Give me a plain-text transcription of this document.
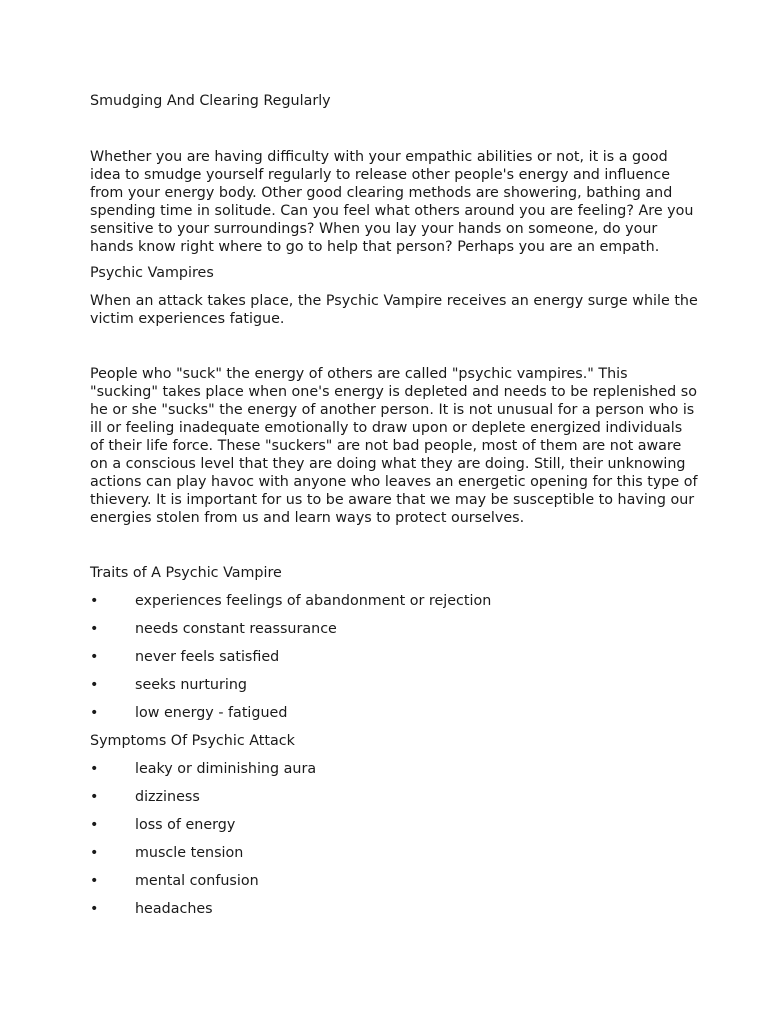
Smudging And Clearing Regularly

Whether you are having difficulty with your empathic abilities or not, it is a good
idea to smudge yourself regularly to release other people's energy and influence
from your energy body. Other good clearing methods are showering, bathing and
spending time in solitude. Can you feel what others around you are feeling? Are you
sensitive to your surroundings? When you lay your hands on someone, do your
hands know right where to go to help that person? Perhaps you are an empath.

Psychic Vampires

When an attack takes place, the Psychic Vampire receives an energy surge while the
victim experiences fatigue.
People who "suck" the energy of others are called "psychic vampires." This
"sucking" takes place when one's energy is depleted and needs to be replenished so
he or she "sucks" the energy of another person. It is not unusual for a person who is
ill or feeling inadequate emotionally to draw upon or deplete energized individuals
of their life force. These "suckers" are not bad people, most of them are not aware
on a conscious level that they are doing what they are doing. Still, their unknowing
actions can play havoc with anyone who leaves an energetic opening for this type of
thievery. It is important for us to be aware that we may be susceptible to having our
energies stolen from us and learn ways to protect ourselves.

Traits of A Psychic Vampire

•	experiences feelings of abandonment or rejection
•	needs constant reassurance
•	never feels satisfied
•	seeks nurturing
•	low energy - fatigued

Symptoms Of Psychic Attack

•	leaky or diminishing aura
•	dizziness
•	loss of energy
•	muscle tension
•	mental confusion
•	headaches
